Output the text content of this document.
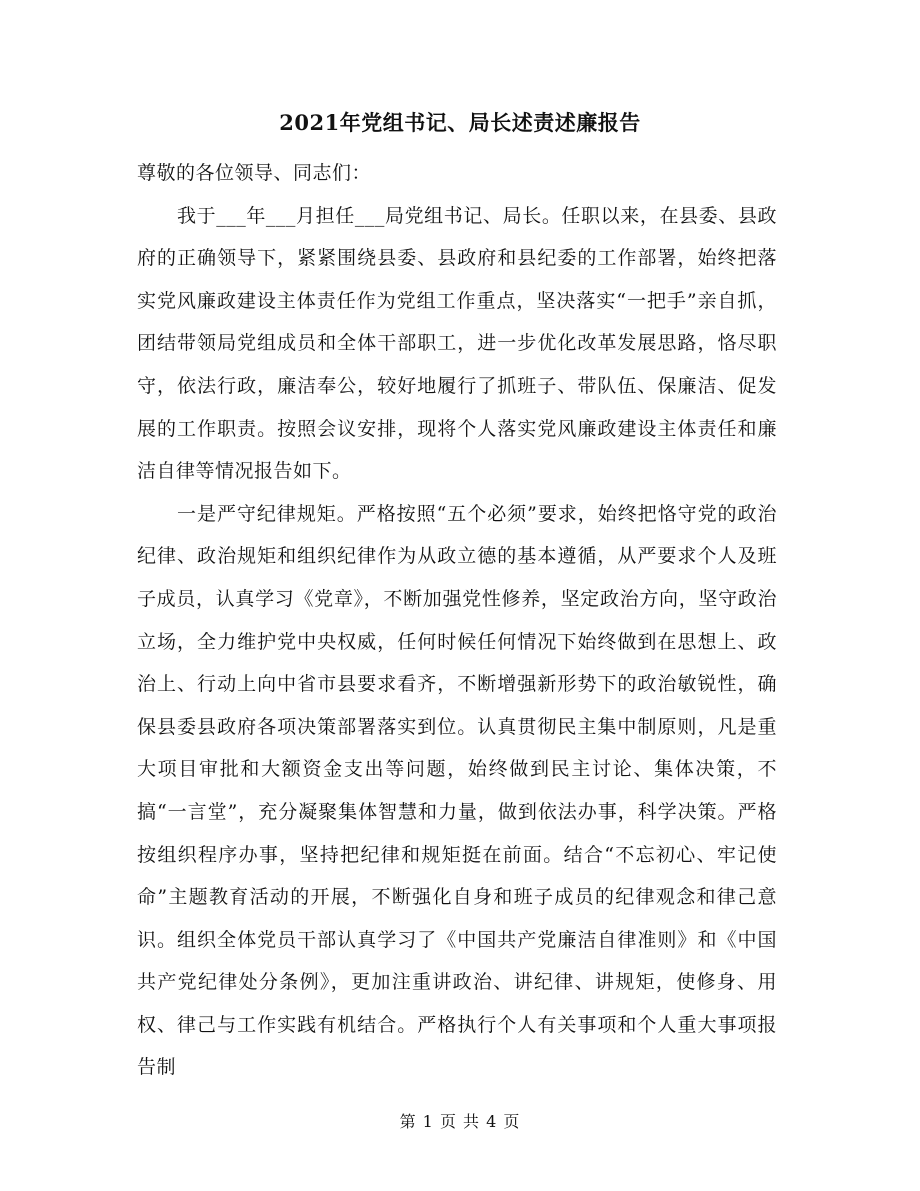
2021年党组书记、局长述责述廉报告

尊敬的各位领导、同志们：

我于___年___月担任___局党组书记、局长。任职以来，在县委、县政府的正确领导下，紧紧围绕县委、县政府和县纪委的工作部署，始终把落实党风廉政建设主体责任作为党组工作重点，坚决落实“一把手”亲自抓，团结带领局党组成员和全体干部职工，进一步优化改革发展思路，恪尽职守，依法行政，廉洁奉公，较好地履行了抓班子、带队伍、保廉洁、促发展的工作职责。按照会议安排，现将个人落实党风廉政建设主体责任和廉洁自律等情况报告如下。

一是严守纪律规矩。严格按照“五个必须”要求，始终把恪守党的政治纪律、政治规矩和组织纪律作为从政立德的基本遵循，从严要求个人及班子成员，认真学习《党章》，不断加强党性修养，坚定政治方向，坚守政治立场，全力维护党中央权威，任何时候任何情况下始终做到在思想上、政治上、行动上向中省市县要求看齐，不断增强新形势下的政治敏锐性，确保县委县政府各项决策部署落实到位。认真贯彻民主集中制原则，凡是重大项目审批和大额资金支出等问题，始终做到民主讨论、集体决策，不搞“一言堂”，充分凝聚集体智慧和力量，做到依法办事，科学决策。严格按组织程序办事，坚持把纪律和规矩挺在前面。结合“不忘初心、牢记使命”主题教育活动的开展，不断强化自身和班子成员的纪律观念和律己意识。组织全体党员干部认真学习了《中国共产党廉洁自律准则》和《中国共产党纪律处分条例》，更加注重讲政治、讲纪律、讲规矩，使修身、用权、律己与工作实践有机结合。严格执行个人有关事项和个人重大事项报告制

第 1 页 共 4 页
